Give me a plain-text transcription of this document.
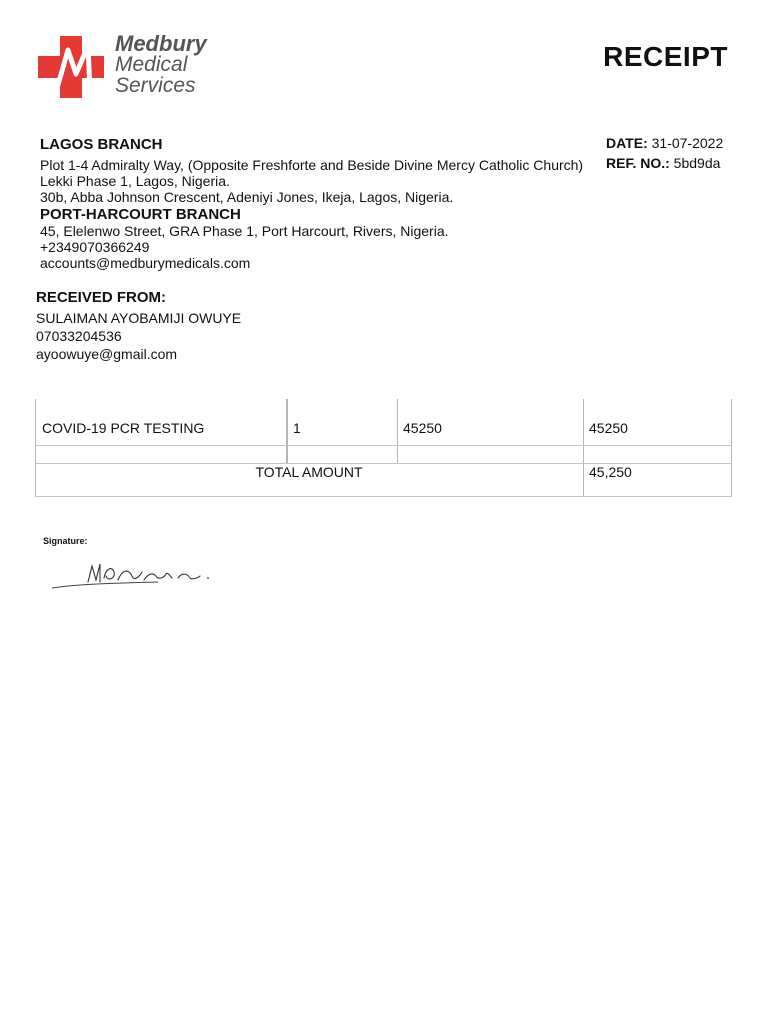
Medbury
Medical
Services
RECEIPT
LAGOS BRANCH
Plot 1-4 Admiralty Way, (Opposite Freshforte and Beside Divine Mercy Catholic Church)
Lekki Phase 1, Lagos, Nigeria.
30b, Abba Johnson Crescent, Adeniyi Jones, Ikeja, Lagos, Nigeria.
PORT-HARCOURT BRANCH
45, Elelenwo Street, GRA Phase 1, Port Harcourt, Rivers, Nigeria.
+2349070366249
accounts@medburymedicals.com
DATE: 31-07-2022
REF. NO.: 5bd9da
RECEIVED FROM:
SULAIMAN AYOBAMIJI OWUYE
07033204536
ayoowuye@gmail.com
COVID-19 PCR TESTING	1	45250	45250
TOTAL AMOUNT	45,250
Signature:
